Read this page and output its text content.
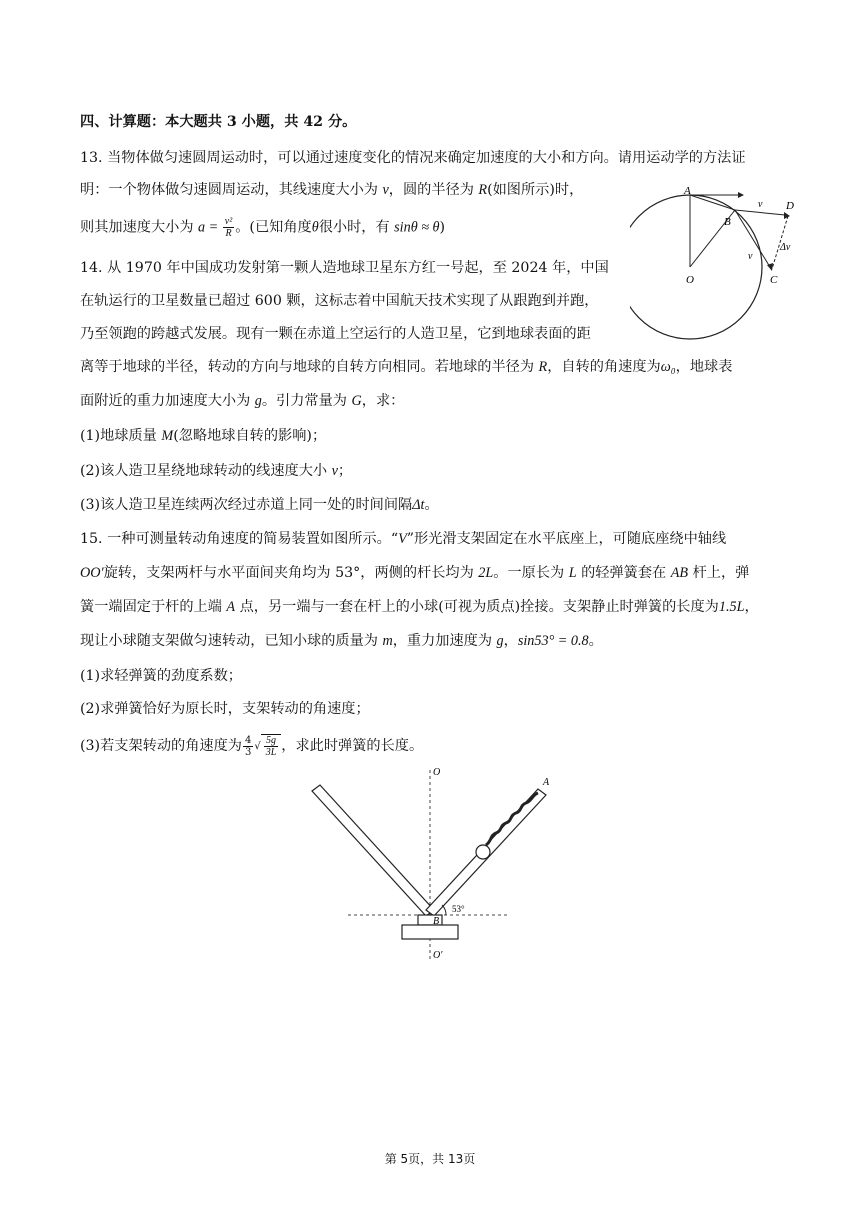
四、计算题：本大题共 3 小题，共 42 分。
13. 当物体做匀速圆周运动时，可以通过速度变化的情况来确定加速度的大小和方向。请用运动学的方法证
明：一个物体做匀速圆周运动，其线速度大小为 v，圆的半径为 R(如图所示)时，
则其加速度大小为 $a = \frac{\text{v²}}{R}$ 。(已知角度θ很小时，有 sinθ ≈ θ)
A
B
D
O	C
v
v
Δv
14. 从 1970 年中国成功发射第一颗人造地球卫星东方红一号起，至 2024 年，中国
在轨运行的卫星数量已超过 600 颗，这标志着中国航天技术实现了从跟跑到并跑，
乃至领跑的跨越式发展。现有一颗在赤道上空运行的人造卫星，它到地球表面的距
离等于地球的半径，转动的方向与地球的自转方向相同。若地球的半径为 R，自转的角速度为ω₀，地球表
面附近的重力加速度大小为 g。引力常量为 G，求：
(1)地球质量 M(忽略地球自转的影响)；
(2)该人造卫星绕地球转动的线速度大小 v；
(3)该人造卫星连续两次经过赤道上同一处的时间间隔Δt。
15. 一种可测量转动角速度的简易装置如图所示。“V”形光滑支架固定在水平底座上，可随底座绕中轴线
OO′旋转，支架两杆与水平面间夹角均为 53°，两侧的杆长均为 2L。一原长为 L 的轻弹簧套在 AB 杆上，弹
簧一端固定于杆的上端 A 点，另一端与一套在杆上的小球(可视为质点)拴接。支架静止时弹簧的长度为1.5L，
现让小球随支架做匀速转动，已知小球的质量为 m，重力加速度为 g，sin53° = 0.8。
(1)求轻弹簧的劲度系数；
(2)求弹簧恰好为原长时，支架转动的角速度；
(3)若支架转动的角速度为 $\frac{4}{3}$ √ $\frac{5g}{3L}$ ，求此时弹簧的长度。
O
O′
A
B
53°
第 5页，共 13页
